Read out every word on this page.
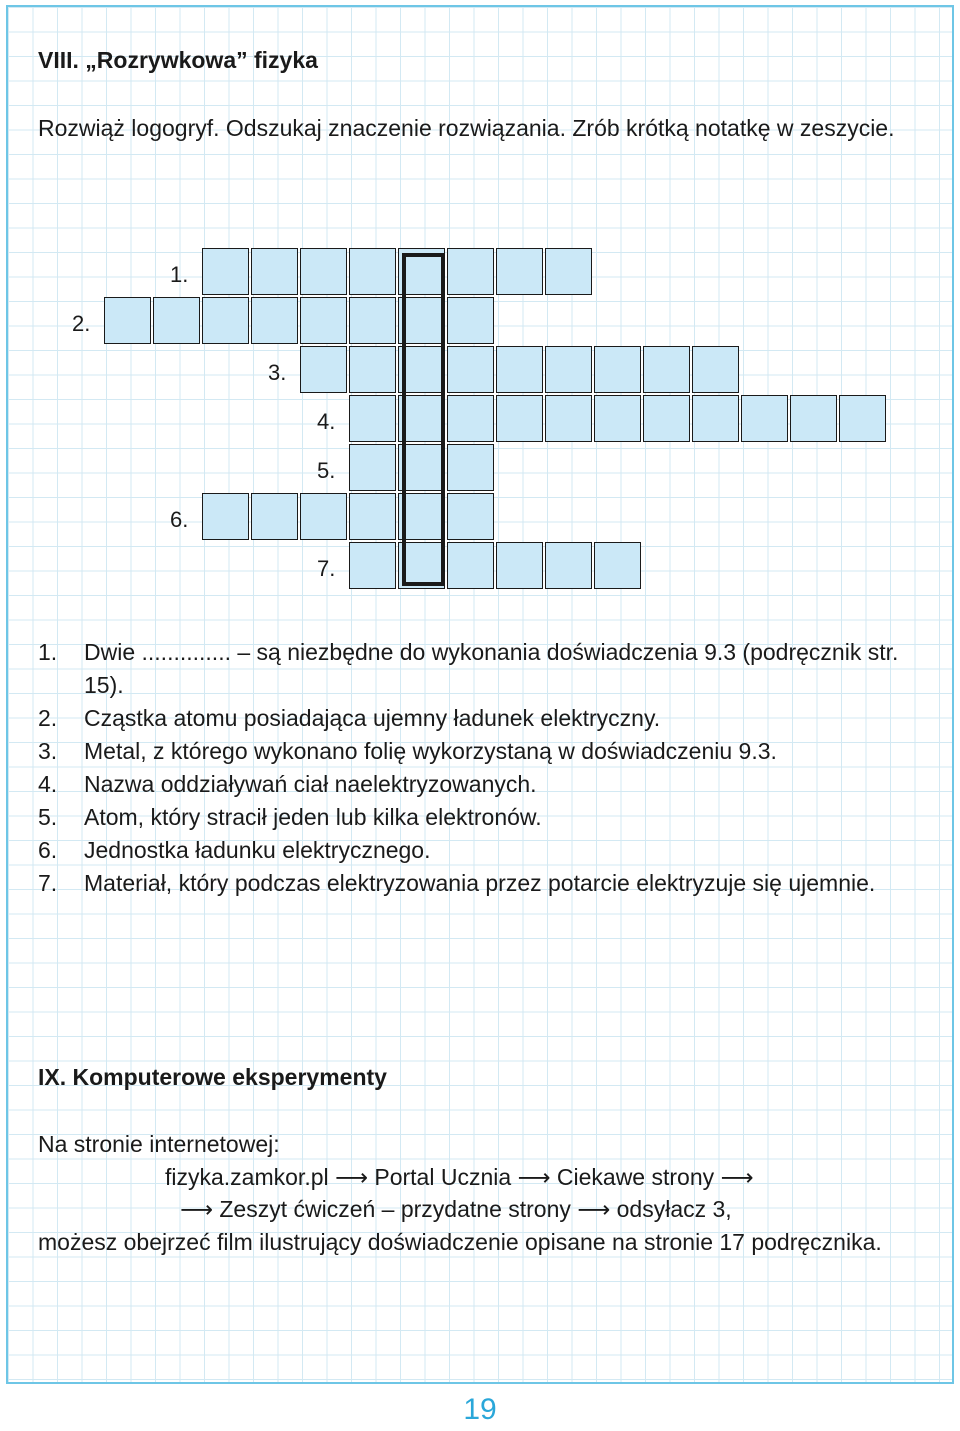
VIII. „Rozrywkowa” fizyka
Rozwiąż logogryf. Odszukaj znaczenie rozwiązania. Zrób krótką notatkę w zeszycie.
1.
2.
3.
4.
5.
6.
7.
1.	Dwie .............. – są niezbędne do wykonania doświadczenia 9.3 (podręcznik str. 15).
2.	Cząstka atomu posiadająca ujemny ładunek elektryczny.
3.	Metal, z którego wykonano folię wykorzystaną w doświadczeniu 9.3.
4.	Nazwa oddziaływań ciał naelektryzowanych.
5.	Atom, który stracił jeden lub kilka elektronów.
6.	Jednostka ładunku elektrycznego.
7.	Materiał, który podczas elektryzowania przez potarcie elektryzuje się ujemnie.
IX. Komputerowe eksperymenty
Na stronie internetowej:
fizyka.zamkor.pl ⟶ Portal Ucznia ⟶ Ciekawe strony ⟶
⟶ Zeszyt ćwiczeń – przydatne strony ⟶ odsyłacz 3,
możesz obejrzeć film ilustrujący doświadczenie opisane na stronie 17 podręcznika.
19
